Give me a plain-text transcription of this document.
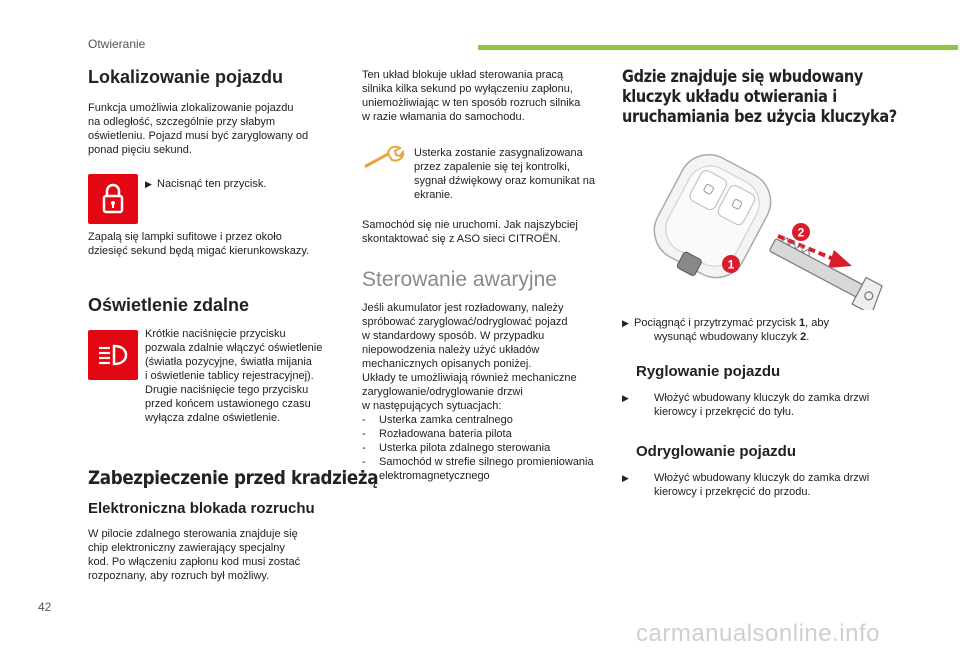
Otwieranie
Lokalizowanie pojazdu
Funkcja umożliwia zlokalizowanie pojazdu
na odległość, szczególnie przy słabym
oświetleniu. Pojazd musi być zaryglowany od
ponad pięciu sekund.
▶ Nacisnąć ten przycisk.
Zapalą się lampki sufitowe i przez około
dziesięć sekund będą migać kierunkowskazy.
Oświetlenie zdalne
Krótkie naciśnięcie przycisku
pozwala zdalnie włączyć oświetlenie
(światła pozycyjne, światła mijania
i oświetlenie tablicy rejestracyjnej).
Drugie naciśnięcie tego przycisku
przed końcem ustawionego czasu
wyłącza zdalne oświetlenie.
Zabezpieczenie przed kradzieżą
Elektroniczna blokada rozruchu
W pilocie zdalnego sterowania znajduje się
chip elektroniczny zawierający specjalny
kod. Po włączeniu zapłonu kod musi zostać
rozpoznany, aby rozruch był możliwy.
Ten układ blokuje układ sterowania pracą
silnika kilka sekund po wyłączeniu zapłonu,
uniemożliwiając w ten sposób rozruch silnika
w razie włamania do samochodu.
Usterka zostanie zasygnalizowana
przez zapalenie się tej kontrolki,
sygnał dźwiękowy oraz komunikat na
ekranie.
Samochód się nie uruchomi. Jak najszybciej
skontaktować się z ASO sieci CITROËN.
Sterowanie awaryjne
Jeśli akumulator jest rozładowany, należy
spróbować zaryglować/odryglować pojazd
w standardowy sposób. W przypadku
niepowodzenia należy użyć układów
mechanicznych opisanych poniżej.
Układy te umożliwiają również mechaniczne
zaryglowanie/odryglowanie drzwi
w następujących sytuacjach:
- Usterka zamka centralnego
- Rozładowana bateria pilota
- Usterka pilota zdalnego sterowania
- Samochód w strefie silnego promieniowania elektromagnetycznego
Gdzie znajduje się wbudowany
kluczyk układu otwierania i
uruchamiania bez użycia kluczyka?
1
2
▶ Pociągnąć i przytrzymać przycisk 1, aby
wysunąć wbudowany kluczyk 2.
Ryglowanie pojazdu
▶ Włożyć wbudowany kluczyk do zamka drzwi
kierowcy i przekręcić do tyłu.
Odryglowanie pojazdu
▶ Włożyć wbudowany kluczyk do zamka drzwi
kierowcy i przekręcić do przodu.
42
carmanualsonline.info
